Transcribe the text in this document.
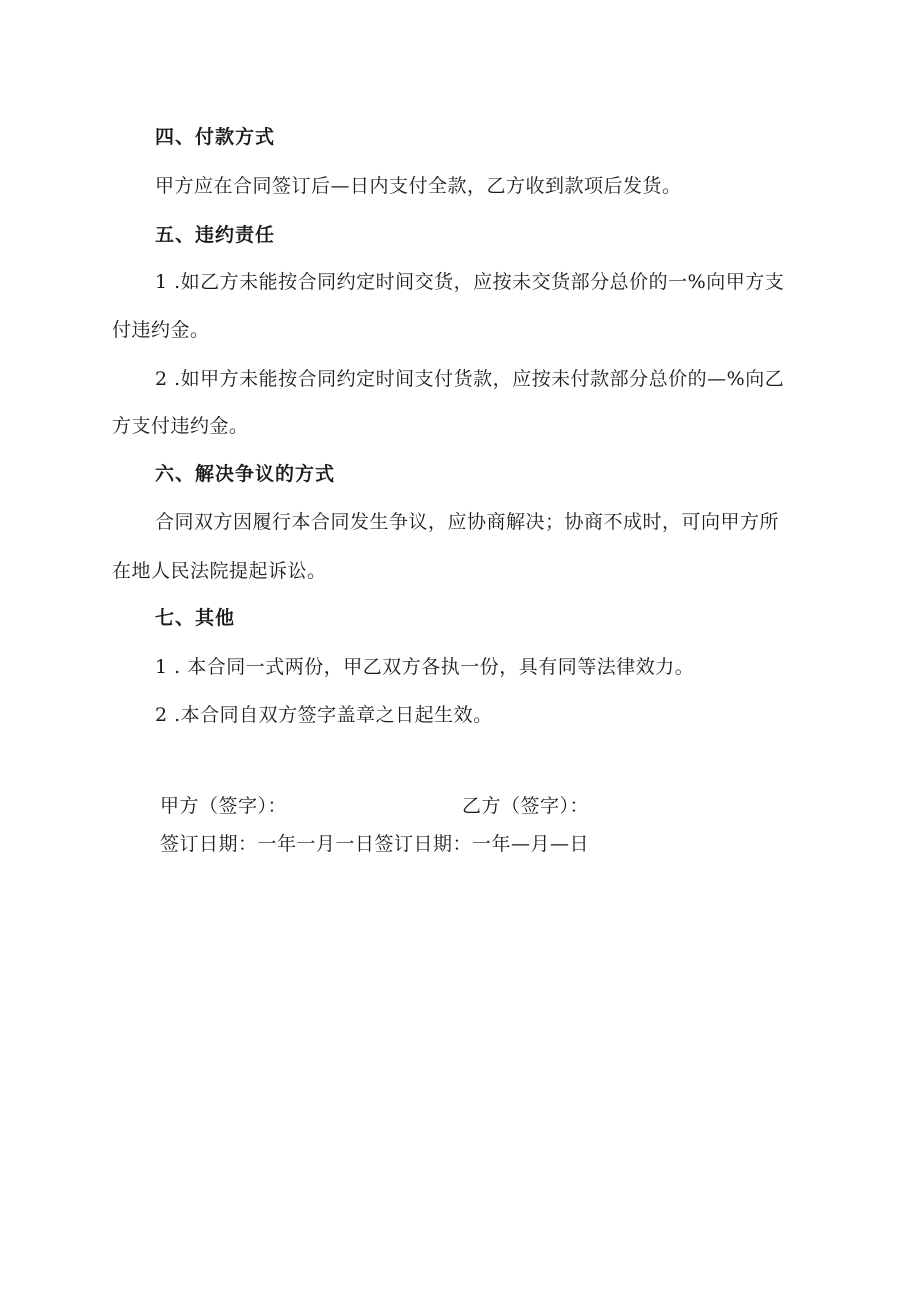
四、付款方式
甲方应在合同签订后—日内支付全款，乙方收到款项后发货。
五、违约责任
1 .如乙方未能按合同约定时间交货，应按未交货部分总价的一%向甲方支
付违约金。
2 .如甲方未能按合同约定时间支付货款，应按未付款部分总价的—%向乙
方支付违约金。
六、解决争议的方式
合同双方因履行本合同发生争议，应协商解决；协商不成时，可向甲方所
在地人民法院提起诉讼。
七、其他
1 . 本合同一式两份，甲乙双方各执一份，具有同等法律效力。
2 .本合同自双方签字盖章之日起生效。
甲方（签字）：	乙方（签字）：
签订日期：一年一月一日签订日期：一年—月—日
